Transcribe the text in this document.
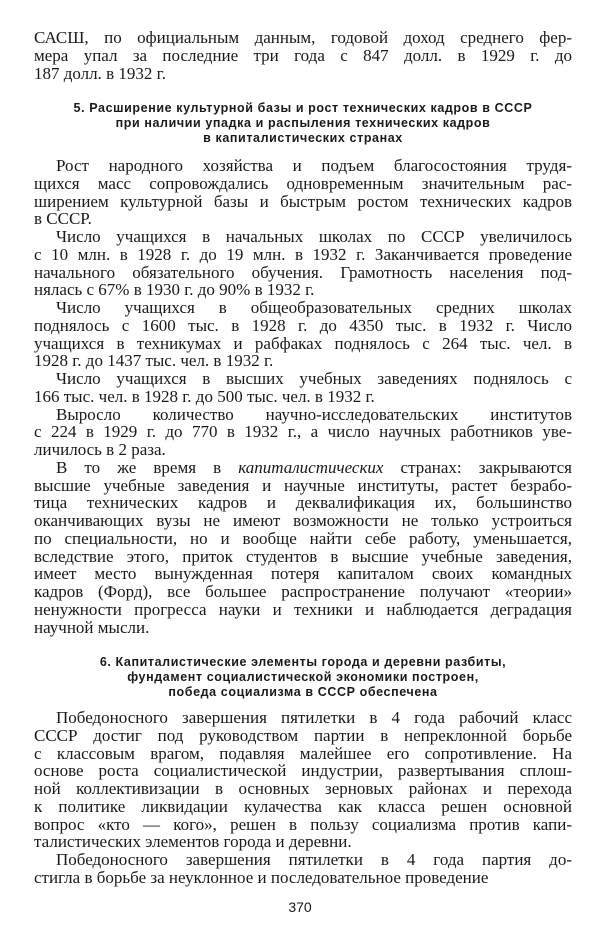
САСШ, по официальным данным, годовой доход среднего фер-
мера упал за последние три года с 847 долл. в 1929 г. до
187 долл. в 1932 г.
5. Расширение культурной базы и рост технических кадров в СССР
при наличии упадка и распыления технических кадров
в капиталистических странах
Рост народного хозяйства и подъем благосостояния трудя-
щихся масс сопровождались одновременным значительным рас-
ширением культурной базы и быстрым ростом технических кадров
в СССР.
Число учащихся в начальных школах по СССР увеличилось
с 10 млн. в 1928 г. до 19 млн. в 1932 г. Заканчивается проведение
начального обязательного обучения. Грамотность населения под-
нялась с 67% в 1930 г. до 90% в 1932 г.
Число учащихся в общеобразовательных средних школах
поднялось с 1600 тыс. в 1928 г. до 4350 тыс. в 1932 г. Число
учащихся в техникумах и рабфаках поднялось с 264 тыс. чел. в
1928 г. до 1437 тыс. чел. в 1932 г.
Число учащихся в высших учебных заведениях поднялось с
166 тыс. чел. в 1928 г. до 500 тыс. чел. в 1932 г.
Выросло количество научно-исследовательских институтов
с 224 в 1929 г. до 770 в 1932 г., а число научных работников уве-
личилось в 2 раза.
В то же время в капиталистических странах: закрываются
высшие учебные заведения и научные институты, растет безрабо-
тица технических кадров и деквалификация их, большинство
оканчивающих вузы не имеют возможности не только устроиться
по специальности, но и вообще найти себе работу, уменьшается,
вследствие этого, приток студентов в высшие учебные заведения,
имеет место вынужденная потеря капиталом своих командных
кадров (Форд), все большее распространение получают «теории»
ненужности прогресса науки и техники и наблюдается деградация
научной мысли.
6. Капиталистические элементы города и деревни разбиты,
фундамент социалистической экономики построен,
победа социализма в СССР обеспечена
Победоносного завершения пятилетки в 4 года рабочий класс
СССР достиг под руководством партии в непреклонной борьбе
с классовым врагом, подавляя малейшее его сопротивление. На
основе роста социалистической индустрии, развертывания сплош-
ной коллективизации в основных зерновых районах и перехода
к политике ликвидации кулачества как класса решен основной
вопрос «кто — кого», решен в пользу социализма против капи-
талистических элементов города и деревни.
Победоносного завершения пятилетки в 4 года партия до-
стигла в борьбе за неуклонное и последовательное проведение
370
